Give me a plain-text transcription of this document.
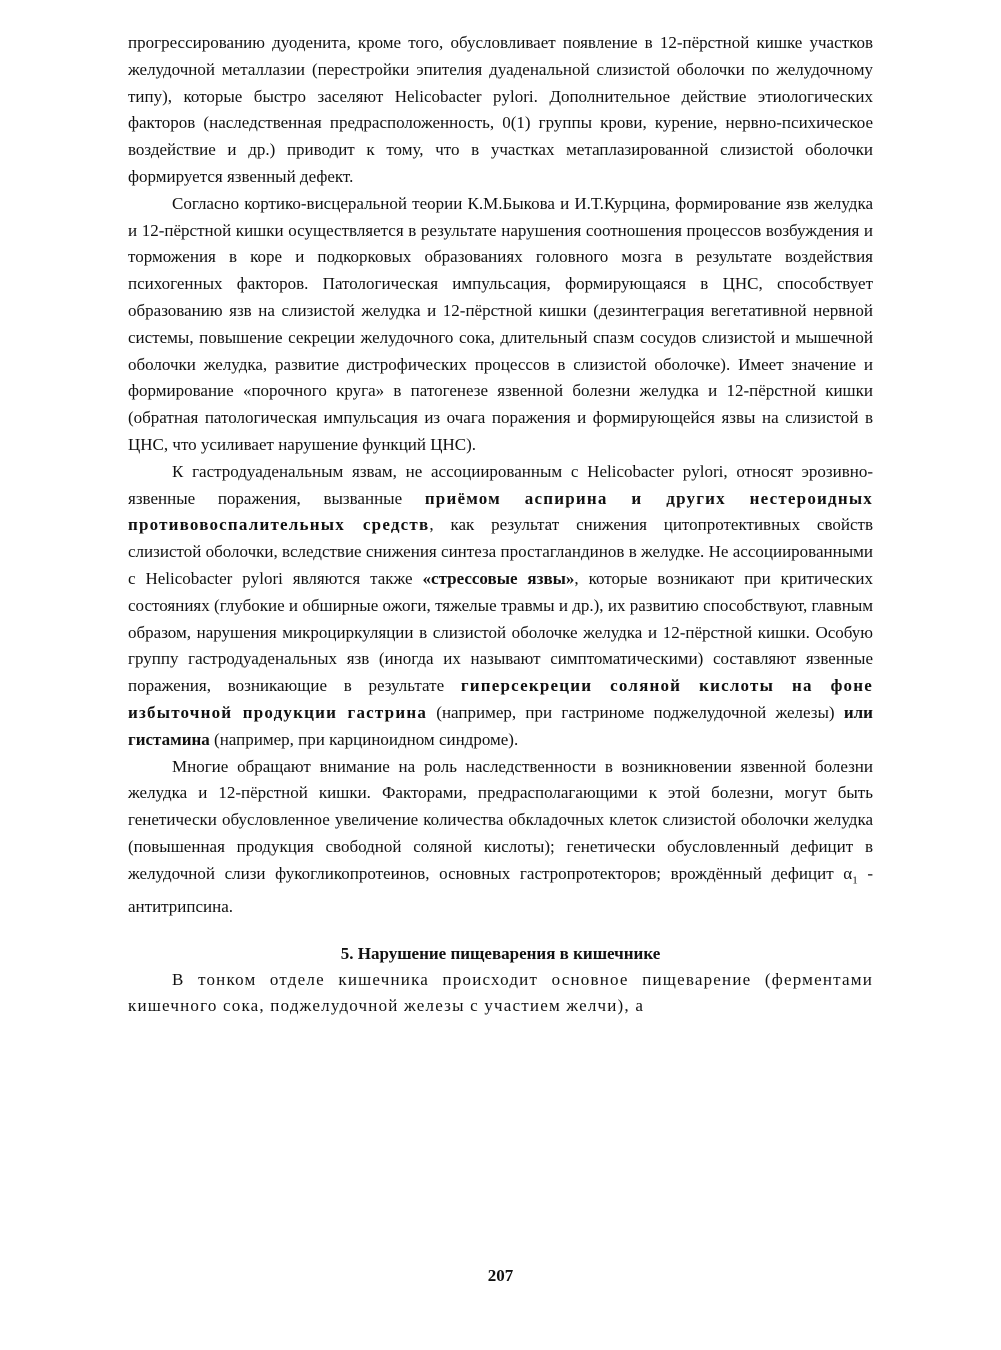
прогрессированию дуоденита, кроме того, обусловливает появление в 12-пёрстной кишке участков желудочной металлазии (перестройки эпителия дуаденальной слизистой оболочки по желудочному типу), которые быстро заселяют Helicobacter pylori. Дополнительное действие этиологических факторов (наследственная предрасположенность, 0(1) группы крови, курение, нервно-психическое воздействие и др.) приводит к тому, что в участках метаплазированной слизистой оболочки формируется язвенный дефект.

Согласно кортико-висцеральной теории К.М.Быкова и И.Т.Курцина, формирование язв желудка и 12-пёрстной кишки осуществляется в результате нарушения соотношения процессов возбуждения и торможения в коре и подкорковых образованиях головного мозга в результате воздействия психогенных факторов. Патологическая импульсация, формирующаяся в ЦНС, способствует образованию язв на слизистой желудка и 12-пёрстной кишки (дезинтеграция вегетативной нервной системы, повышение секреции желудочного сока, длительный спазм сосудов слизистой и мышечной оболочки желудка, развитие дистрофических процессов в слизистой оболочке). Имеет значение и формирование «порочного круга» в патогенезе язвенной болезни желудка и 12-пёрстной кишки (обратная патологическая импульсация из очага поражения и формирующейся язвы на слизистой в ЦНС, что усиливает нарушение функций ЦНС).

К гастродуаденальным язвам, не ассоциированным с Helicobacter pylori, относят эрозивно-язвенные поражения, вызванные приёмом аспирина и других нестероидных противовоспалительных средств, как результат снижения цитопротективных свойств слизистой оболочки, вследствие снижения синтеза простагландинов в желудке. Не ассоциированными с Helicobacter pylori являются также «стрессовые язвы», которые возникают при критических состояниях (глубокие и обширные ожоги, тяжелые травмы и др.), их развитию способствуют, главным образом, нарушения микроциркуляции в слизистой оболочке желудка и 12-пёрстной кишки. Особую группу гастродуаденальных язв (иногда их называют симптоматическими) составляют язвенные поражения, возникающие в результате гиперсекреции соляной кислоты на фоне избыточной продукции гастрина (например, при гастриноме поджелудочной железы) или гистамина (например, при карциноидном синдроме).

Многие обращают внимание на роль наследственности в возникновении язвенной болезни желудка и 12-пёрстной кишки. Факторами, предрасполагающими к этой болезни, могут быть генетически обусловленное увеличение количества обкладочных клеток слизистой оболочки желудка (повышенная продукция свободной соляной кислоты); генетически обусловленный дефицит в желудочной слизи фукогликопротеинов, основных гастропротекторов; врождённый дефицит $\alpha_1$ - антитрипсина.

5. Нарушение пищеварения в кишечнике

В тонком отделе кишечника происходит основное пищеварение (ферментами кишечного сока, поджелудочной железы с участием желчи), а

207
